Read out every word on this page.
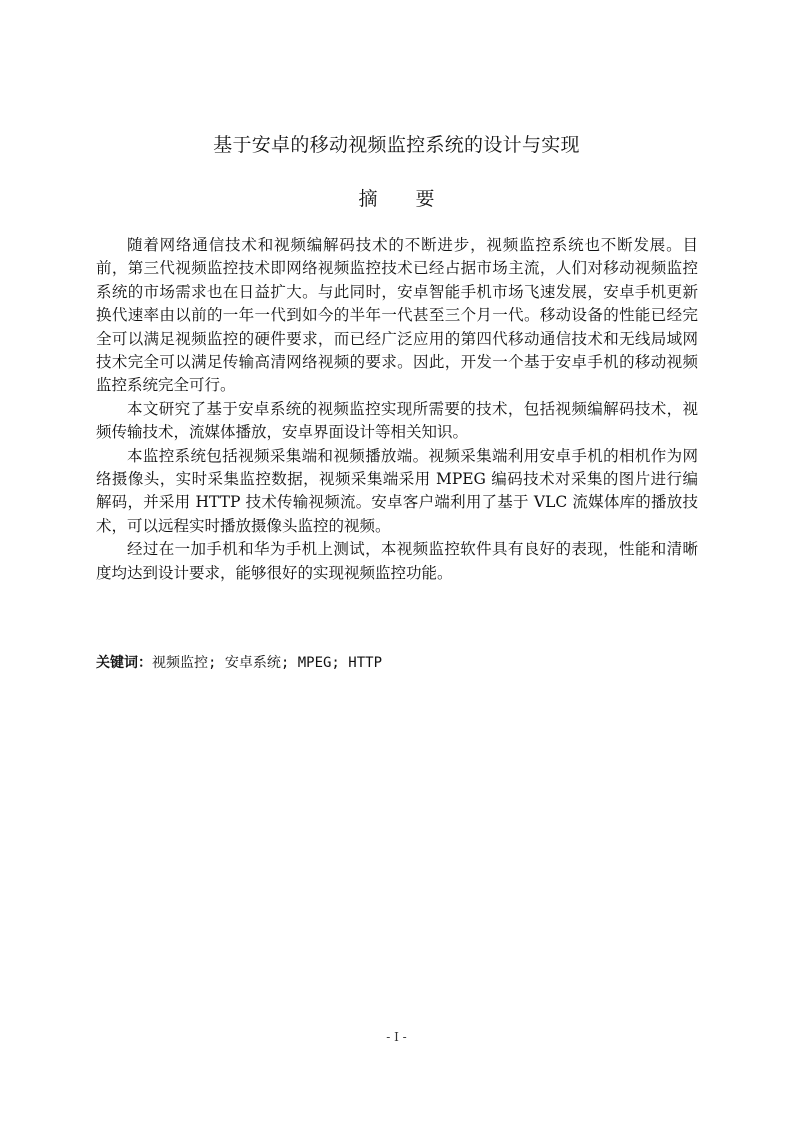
基于安卓的移动视频监控系统的设计与实现
摘要

随着网络通信技术和视频编解码技术的不断进步，视频监控系统也不断发展。目前，第三代视频监控技术即网络视频监控技术已经占据市场主流，人们对移动视频监控系统的市场需求也在日益扩大。与此同时，安卓智能手机市场飞速发展，安卓手机更新换代速率由以前的一年一代到如今的半年一代甚至三个月一代。移动设备的性能已经完全可以满足视频监控的硬件要求，而已经广泛应用的第四代移动通信技术和无线局域网技术完全可以满足传输高清网络视频的要求。因此，开发一个基于安卓手机的移动视频监控系统完全可行。

本文研究了基于安卓系统的视频监控实现所需要的技术，包括视频编解码技术，视频传输技术，流媒体播放，安卓界面设计等相关知识。

本监控系统包括视频采集端和视频播放端。视频采集端利用安卓手机的相机作为网络摄像头，实时采集监控数据，视频采集端采用 MPEG 编码技术对采集的图片进行编解码，并采用 HTTP 技术传输视频流。安卓客户端利用了基于 VLC 流媒体库的播放技术，可以远程实时播放摄像头监控的视频。

经过在一加手机和华为手机上测试，本视频监控软件具有良好的表现，性能和清晰度均达到设计要求，能够很好的实现视频监控功能。

关键词：视频监控; 安卓系统; MPEG; HTTP
- I -
